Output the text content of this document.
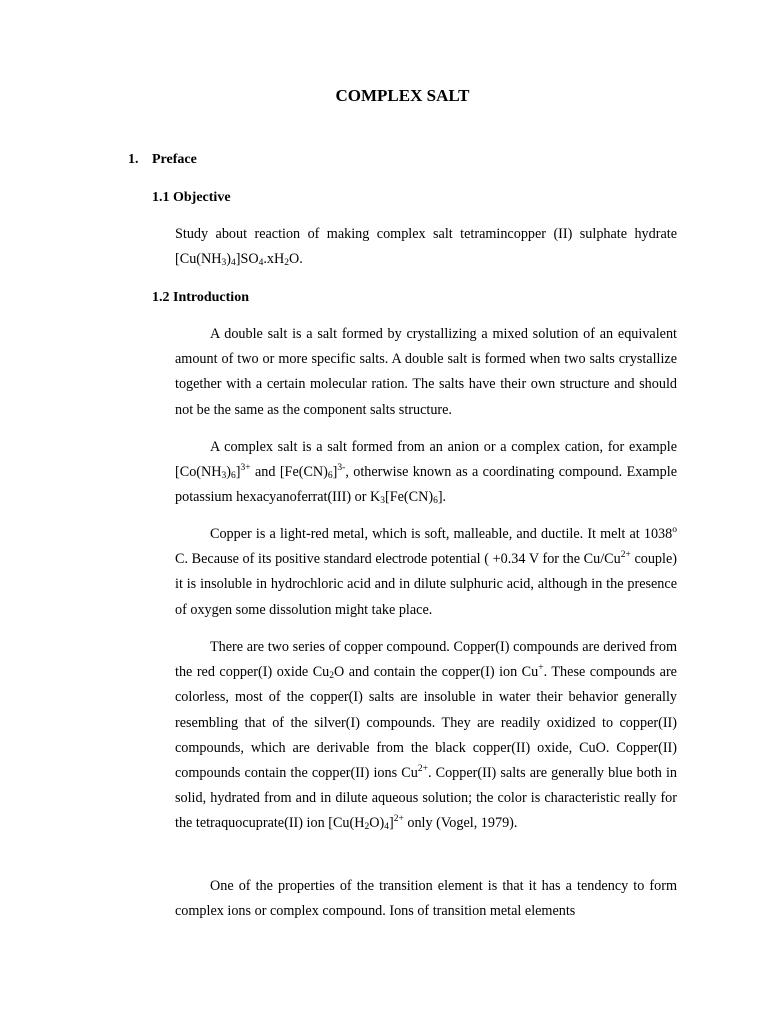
COMPLEX SALT
1. Preface
1.1 Objective
Study about reaction of making complex salt tetramincopper (II) sulphate hydrate $[Cu(NH_3)_4]SO_4.xH_2O$.
1.2 Introduction
A double salt is a salt formed by crystallizing a mixed solution of an equivalent amount of two or more specific salts. A double salt is formed when two salts crystallize together with a certain molecular ration. The salts have their own structure and should not be the same as the component salts structure.
A complex salt is a salt formed from an anion or a complex cation, for example $[Co(NH_3)_6]^{3+}$ and $[Fe(CN)_6]^{3-}$, otherwise known as a coordinating compound. Example potassium hexacyanoferrat(III) or $K_3[Fe(CN)_6]$.
Copper is a light-red metal, which is soft, malleable, and ductile. It melt at 1038$^o$ C. Because of its positive standard electrode potential ( +0.34 V for the $Cu/Cu^{2+}$ couple) it is insoluble in hydrochloric acid and in dilute sulphuric acid, although in the presence of oxygen some dissolution might take place.
There are two series of copper compound. Copper(I) compounds are derived from the red copper(I) oxide $Cu_2O$ and contain the copper(I) ion Cu+. These compounds are colorless, most of the copper(I) salts are insoluble in water their behavior generally resembling that of the silver(I) compounds. They are readily oxidized to copper(II) compounds, which are derivable from the black copper(II) oxide, CuO. Copper(II) compounds contain the copper(II) ions $Cu^{2+}$. Copper(II) salts are generally blue both in solid, hydrated from and in dilute aqueous solution; the color is characteristic really for the tetraquocuprate(II) ion $[Cu(H_2O)_4]^{2+}$ only (Vogel, 1979).
One of the properties of the transition element is that it has a tendency to form complex ions or complex compound. Ions of transition metal elements
